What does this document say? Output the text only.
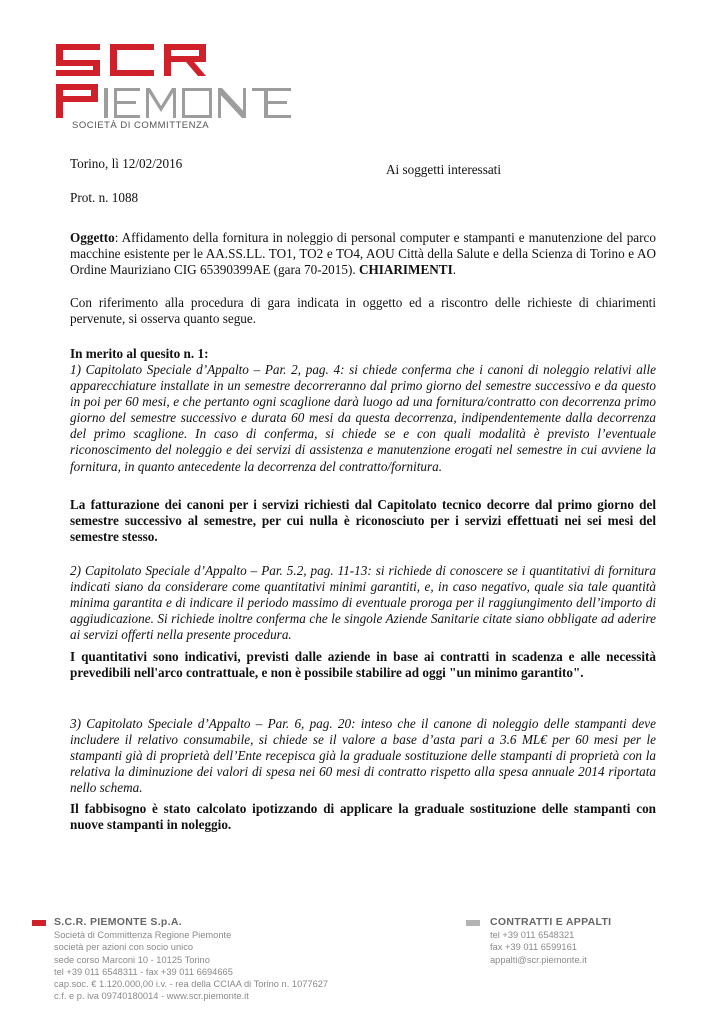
SOCIETÀ DI COMMITTENZA
Torino, lì 12/02/2016	Ai soggetti interessati
Prot. n. 1088

Oggetto: Affidamento della fornitura in noleggio di personal computer e stampanti e manutenzione del parco macchine esistente per le AA.SS.LL. TO1, TO2 e TO4, AOU Città della Salute e della Scienza di Torino e AO Ordine Mauriziano CIG 65390399AE (gara 70-2015). CHIARIMENTI.

Con riferimento alla procedura di gara indicata in oggetto ed a riscontro delle richieste di chiarimenti pervenute, si osserva quanto segue.
In merito al quesito n. 1:
1) Capitolato Speciale d’Appalto – Par. 2, pag. 4: si chiede conferma che i canoni di noleggio relativi alle apparecchiature installate in un semestre decorreranno dal primo giorno del semestre successivo e da questo in poi per 60 mesi, e che pertanto ogni scaglione darà luogo ad una fornitura/contratto con decorrenza primo giorno del semestre successivo e durata 60 mesi da questa decorrenza, indipendentemente dalla decorrenza del primo scaglione. In caso di conferma, si chiede se e con quali modalità è previsto l’eventuale riconoscimento del noleggio e dei servizi di assistenza e manutenzione erogati nel semestre in cui avviene la fornitura, in quanto antecedente la decorrenza del contratto/fornitura.
La fatturazione dei canoni per i servizi richiesti dal Capitolato tecnico decorre dal primo giorno del semestre successivo al semestre, per cui nulla è riconosciuto per i servizi effettuati nei sei mesi del semestre stesso.
2) Capitolato Speciale d’Appalto – Par. 5.2, pag. 11-13: si richiede di conoscere se i quantitativi di fornitura indicati siano da considerare come quantitativi minimi garantiti, e, in caso negativo, quale sia tale quantità minima garantita e di indicare il periodo massimo di eventuale proroga per il raggiungimento dell’importo di aggiudicazione. Si richiede inoltre conferma che le singole Aziende Sanitarie citate siano obbligate ad aderire ai servizi offerti nella presente procedura.
I quantitativi sono indicativi, previsti dalle aziende in base ai contratti in scadenza e alle necessità prevedibili nell'arco contrattuale, e non è possibile stabilire ad oggi "un minimo garantito".
3) Capitolato Speciale d’Appalto – Par. 6, pag. 20: inteso che il canone di noleggio delle stampanti deve includere il relativo consumabile, si chiede se il valore a base d’asta pari a 3.6 ML€ per 60 mesi per le stampanti già di proprietà dell’Ente recepisca già la graduale sostituzione delle stampanti di proprietà con la relativa la diminuzione dei valori di spesa nei 60 mesi di contratto rispetto alla spesa annuale 2014 riportata nello schema.
Il fabbisogno è stato calcolato ipotizzando di applicare la graduale sostituzione delle stampanti con nuove stampanti in noleggio.
S.C.R. PIEMONTE S.p.A.
Società di Committenza Regione Piemonte
società per azioni con socio unico
sede corso Marconi 10 - 10125 Torino
tel +39 011 6548311 - fax +39 011 6694665
cap.soc. € 1.120.000,00 i.v. - rea della CCIAA di Torino n. 1077627
c.f. e p. iva 09740180014 - www.scr.piemonte.it
CONTRATTI E APPALTI
tel +39 011 6548321
fax +39 011 6599161
appalti@scr.piemonte.it
